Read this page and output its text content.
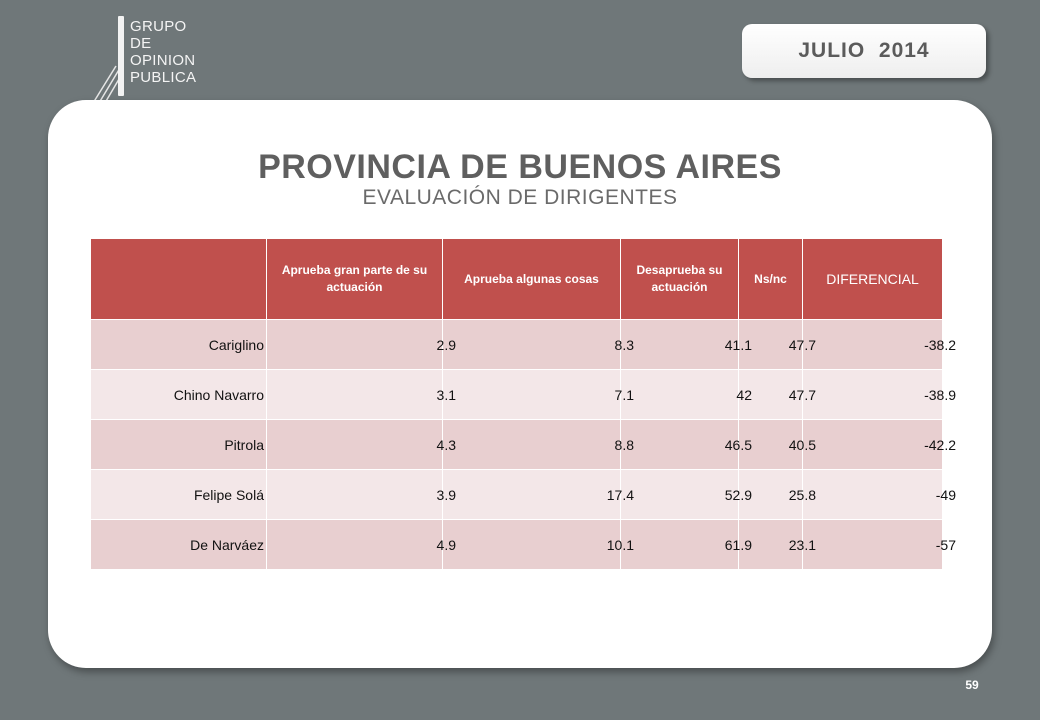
GRUPO
DE
OPINION
PUBLICA
JULIO  2014
PROVINCIA DE BUENOS AIRES
EVALUACIÓN DE DIRIGENTES
	Aprueba gran parte de su actuación	Aprueba algunas cosas	Desaprueba su actuación	Ns/nc	DIFERENCIAL
Cariglino	2.9	8.3	41.1	47.7	-38.2
Chino Navarro	3.1	7.1	42	47.7	-38.9
Pitrola	4.3	8.8	46.5	40.5	-42.2
Felipe Solá	3.9	17.4	52.9	25.8	-49
De Narváez	4.9	10.1	61.9	23.1	-57
59
